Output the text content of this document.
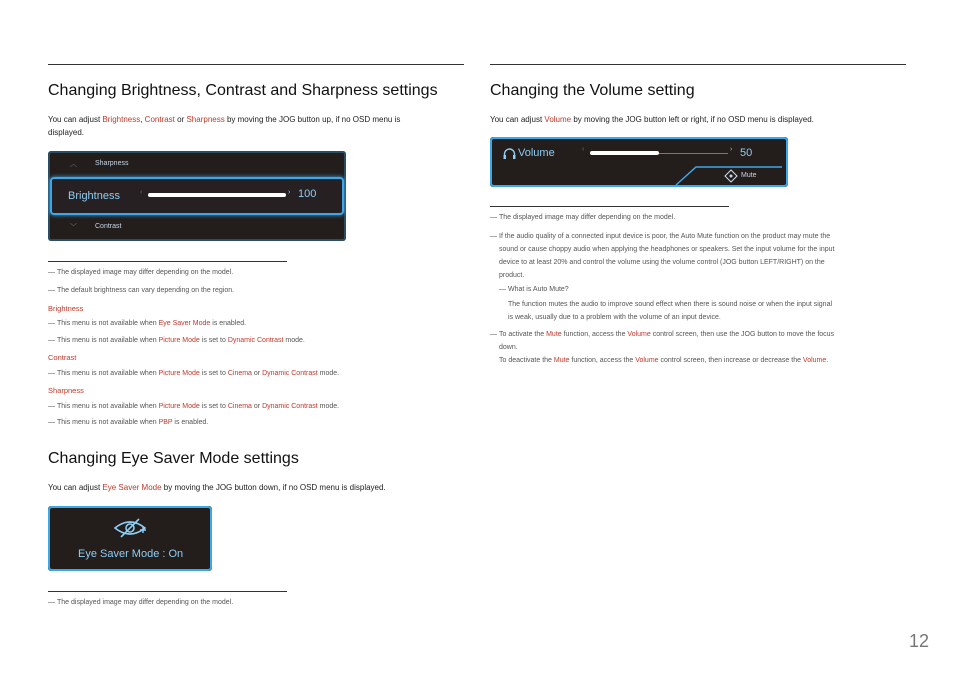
Changing Brightness, Contrast and Sharpness settings
You can adjust Brightness, Contrast or Sharpness by moving the JOG button up, if no OSD menu is
displayed.
︿	Sharpness
Brightness	‹	› 100
﹀	Contrast
— The displayed image may differ depending on the model.
— The default brightness can vary depending on the region.
Brightness
— This menu is not available when Eye Saver Mode is enabled.
— This menu is not available when Picture Mode is set to Dynamic Contrast mode.
Contrast
— This menu is not available when Picture Mode is set to Cinema or Dynamic Contrast mode.
Sharpness
— This menu is not available when Picture Mode is set to Cinema or Dynamic Contrast mode.
— This menu is not available when PBP is enabled.
Changing Eye Saver Mode settings
You can adjust Eye Saver Mode by moving the JOG button down, if no OSD menu is displayed.
Eye Saver Mode : On
— The displayed image may differ depending on the model.
Changing the Volume setting
You can adjust Volume by moving the JOG button left or right, if no OSD menu is displayed.
Volume	‹	› 50
Mute
— The displayed image may differ depending on the model.
— If the audio quality of a connected input device is poor, the Auto Mute function on the product may mute the
sound or cause choppy audio when applying the headphones or speakers. Set the input volume for the input
device to at least 20% and control the volume using the volume control (JOG button LEFT/RIGHT) on the
product.
— What is Auto Mute?
The function mutes the audio to improve sound effect when there is sound noise or when the input signal
is weak, usually due to a problem with the volume of an input device.
— To activate the Mute function, access the Volume control screen, then use the JOG button to move the focus
down.
To deactivate the Mute function, access the Volume control screen, then increase or decrease the Volume.
12
